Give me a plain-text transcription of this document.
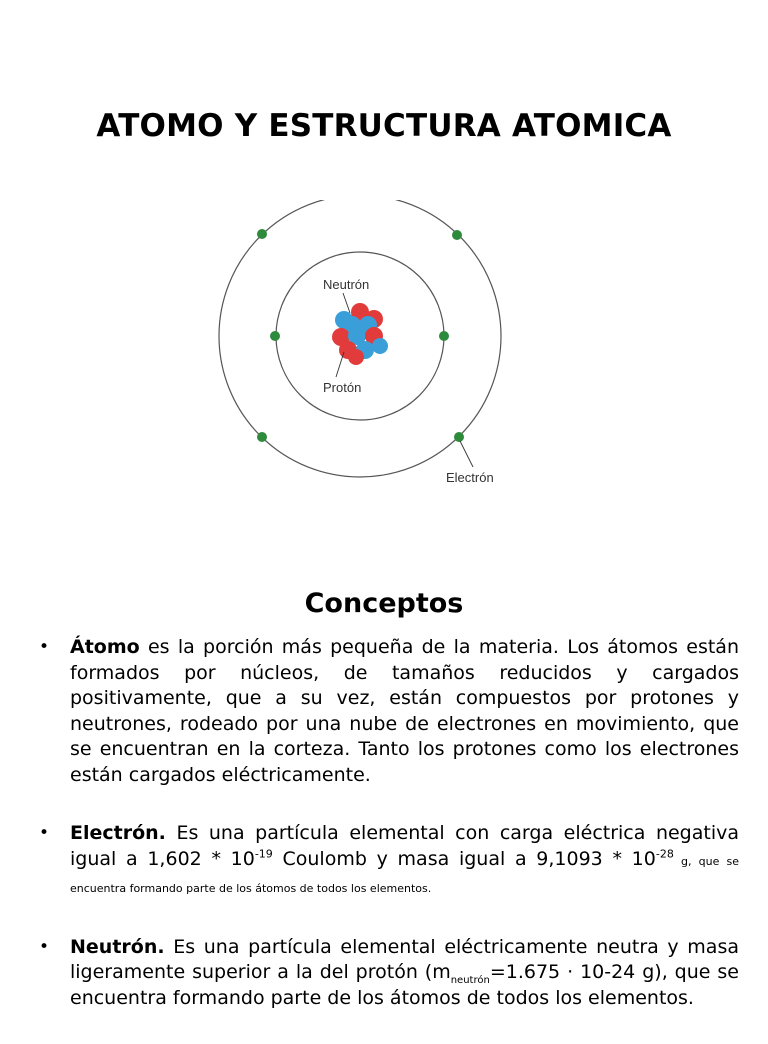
ATOMO Y ESTRUCTURA ATOMICA
Neutrón
Protón
Electrón
Conceptos
• Átomo es la porción más pequeña de la materia. Los átomos están formados por núcleos, de tamaños reducidos y cargados positivamente, que a su vez, están compuestos por protones y neutrones, rodeado por una nube de electrones en movimiento, que se encuentran en la corteza. Tanto los protones como los electrones están cargados eléctricamente.
• Electrón. Es una partícula elemental con carga eléctrica negativa igual a $1,602 * 10^{-19}$ Coulomb y masa igual a $9,1093 * 10^{-28}$ g, que se encuentra formando parte de los átomos de todos los elementos.
• Neutrón. Es una partícula elemental eléctricamente neutra y masa ligeramente superior a la del protón ($m_{neutrón}=1.675 \cdot 10-24$ g), que se encuentra formando parte de los átomos de todos los elementos.
